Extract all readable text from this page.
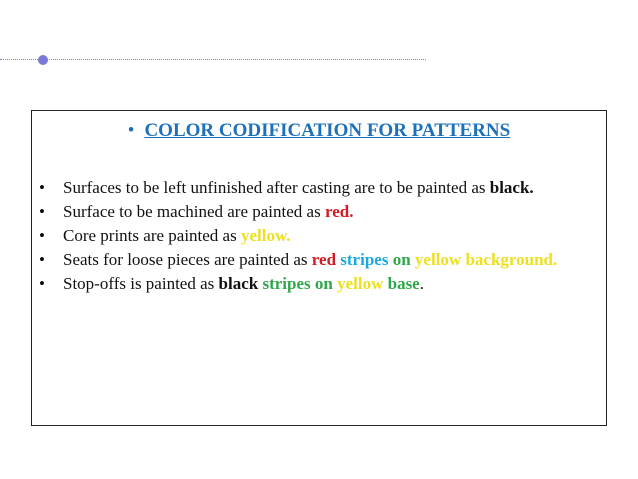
• COLOR CODIFICATION FOR PATTERNS
• Surfaces to be left unfinished after casting are to be painted as black.
• Surface to be machined are painted as red.
• Core prints are painted as yellow.
• Seats for loose pieces are painted as red stripes on yellow background.
• Stop-offs is painted as black stripes on yellow base.
